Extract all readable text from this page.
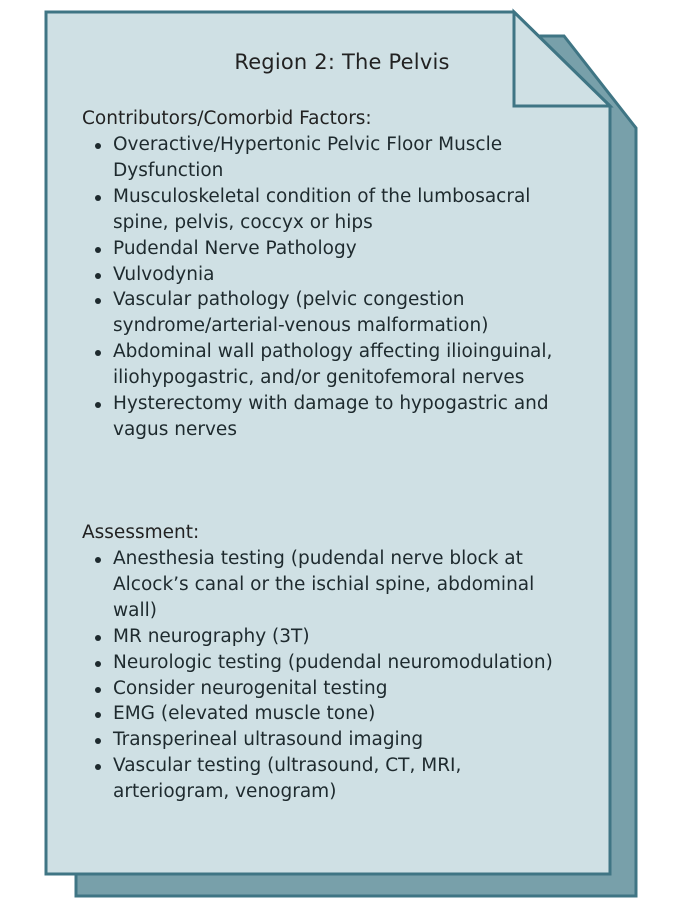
Region 2: The Pelvis
Contributors/Comorbid Factors:
Overactive/Hypertonic Pelvic Floor Muscle Dysfunction
Musculoskeletal condition of the lumbosacral spine, pelvis, coccyx or hips
Pudendal Nerve Pathology
Vulvodynia
Vascular pathology (pelvic congestion syndrome/arterial-venous malformation)
Abdominal wall pathology affecting ilioinguinal, iliohypogastric, and/or genitofemoral nerves
Hysterectomy with damage to hypogastric and vagus nerves
Assessment:
Anesthesia testing (pudendal nerve block at Alcock’s canal or the ischial spine, abdominal wall)
MR neurography (3T)
Neurologic testing (pudendal neuromodulation)
Consider neurogenital testing
EMG (elevated muscle tone)
Transperineal ultrasound imaging
Vascular testing (ultrasound, CT, MRI, arteriogram, venogram)
